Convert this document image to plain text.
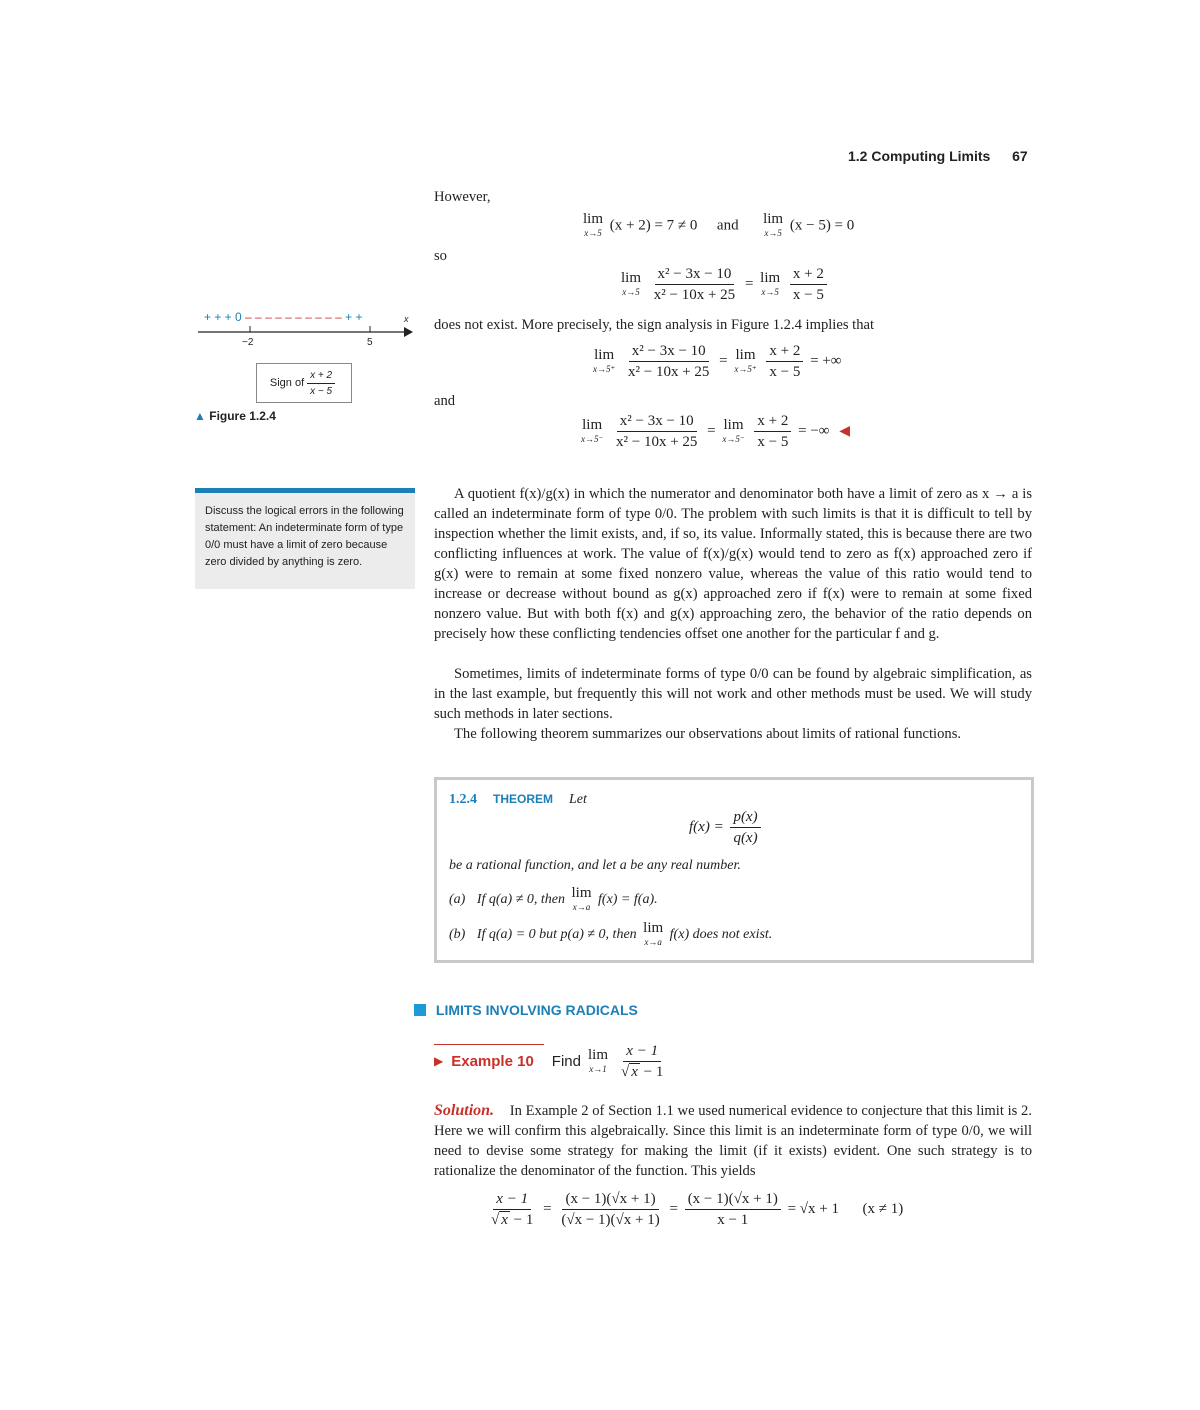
1.2 Computing Limits 67
However,
lim
x→5 (x + 2) = 7 ≠ 0 and lim
x→5 (x − 5) = 0
so
lim
x→5
$\frac{\text{x² − 3x − 10}}{\text{x² − 10x + 25}} = \lim$
x→5
$\frac{x + 2}{x - 5}$
does not exist. More precisely, the sign analysis in Figure 1.2.4 implies that
lim
x→5⁺
$\frac{\text{x² − 3x − 10}}{\text{x² − 10x + 25}} = \lim$
x→5⁺
$\frac{x + 2}{x - 5}$ = +∞
and
lim
x→5⁻
$\frac{\text{x² − 3x − 10}}{\text{x² − 10x + 25}} = \lim$
x→5⁻
$\frac{x + 2}{x - 5}$ = −∞ ◀
+ + + 0 – – – – – – – – – – + +	x
−2	5
Sign of $\frac{x + 2}{x - 5}$
▲ Figure 1.2.4
Discuss the logical errors in the following statement: An indeterminate form of type 0/0 must have a limit of zero because zero divided by anything is zero.
A quotient f(x)/g(x) in which the numerator and denominator both have a limit of zero as x → a is called an indeterminate form of type 0/0. The problem with such limits is that it is difficult to tell by inspection whether the limit exists, and, if so, its value. Informally stated, this is because there are two conflicting influences at work. The value of f(x)/g(x) would tend to zero as f(x) approached zero if g(x) were to remain at some fixed nonzero value, whereas the value of this ratio would tend to increase or decrease without bound as g(x) approached zero if f(x) were to remain at some fixed nonzero value. But with both f(x) and g(x) approaching zero, the behavior of the ratio depends on precisely how these conflicting tendencies offset one another for the particular f and g.
Sometimes, limits of indeterminate forms of type 0/0 can be found by algebraic simplification, as in the last example, but frequently this will not work and other methods must be used. We will study such methods in later sections.
The following theorem summarizes our observations about limits of rational functions.
1.2.4 THEOREM Let
$f(x) = \frac{p(x)}{q(x)}$
be a rational function, and let a be any real number.
(a) If q(a) ≠ 0, then lim
x→a f(x) = f(a).
(b) If q(a) = 0 but p(a) ≠ 0, then lim
x→a f(x) does not exist.
LIMITS INVOLVING RADICALS
▶ Example 10 Find lim
x→1
$\frac{x - 1}{√ x - 1}$
Solution. In Example 2 of Section 1.1 we used numerical evidence to conjecture that this limit is 2. Here we will confirm this algebraically. Since this limit is an indeterminate form of type 0/0, we will need to devise some strategy for making the limit (if it exists) evident. One such strategy is to rationalize the denominator of the function. This yields
$\frac{x - 1}{√ x - 1} = \frac{(x - 1)(√x + 1)}{(√x - 1)(√x + 1)} = \frac{(x - 1)(√x + 1)}{x - 1} = √x + 1$ (x ≠ 1)
